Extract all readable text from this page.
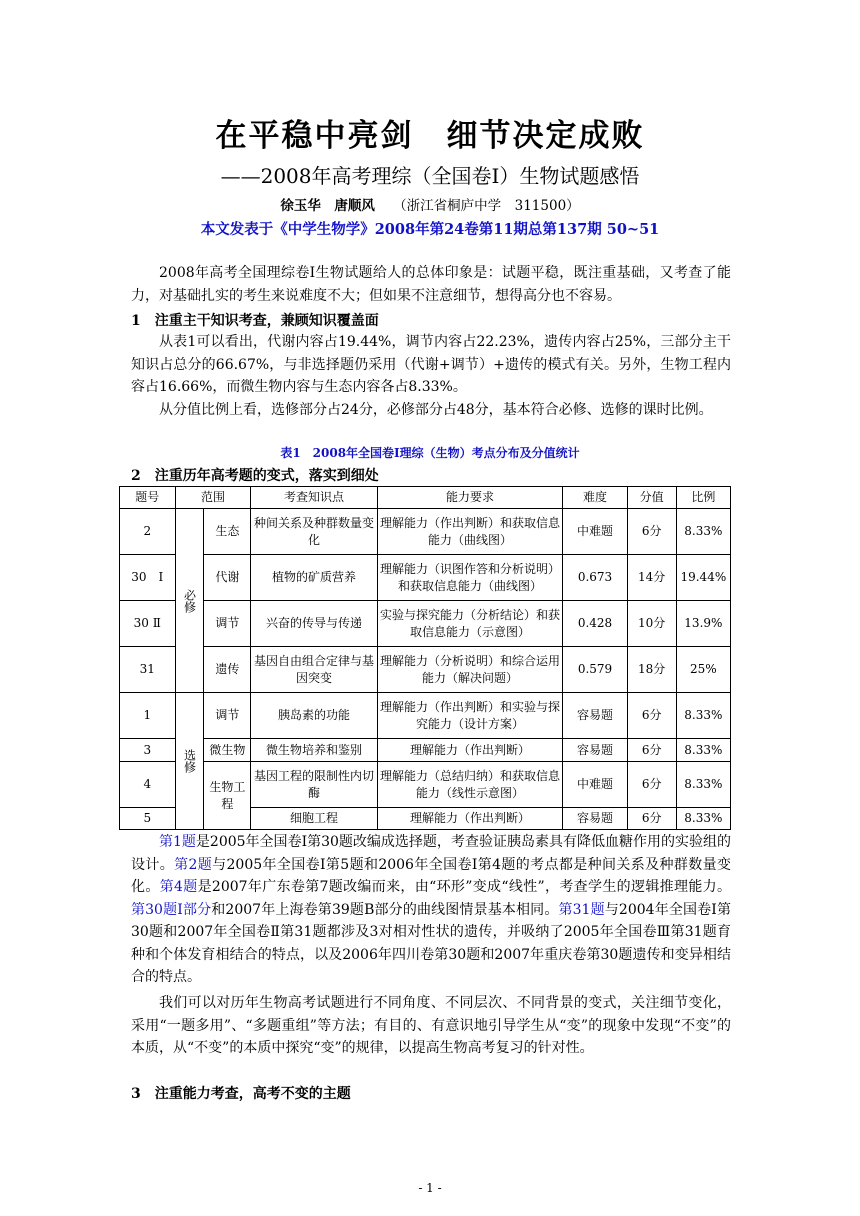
在平稳中亮剑　细节决定成败
——2008年高考理综（全国卷I）生物试题感悟
徐玉华　唐顺风 （浙江省桐庐中学　311500）
本文发表于《中学生物学》2008年第24卷第11期总第137期 50~51
2008年高考全国理综卷I生物试题给人的总体印象是：试题平稳，既注重基础，又考查了能力，对基础扎实的考生来说难度不大；但如果不注意细节，想得高分也不容易。
1　注重主干知识考查，兼顾知识覆盖面
从表1可以看出，代谢内容占19.44%，调节内容占22.23%，遗传内容占25%，三部分主干知识占总分的66.67%，与非选择题仍采用（代谢+调节）+遗传的模式有关。另外，生物工程内容占16.66%，而微生物内容与生态内容各占8.33%。
从分值比例上看，选修部分占24分，必修部分占48分，基本符合必修、选修的课时比例。
表1　2008年全国卷I理综（生物）考点分布及分值统计
2　注重历年高考题的变式，落实到细处
题号	范围		考查知识点	能力要求	难度	分值	比例
2	必修	生态	种间关系及种群数量变化	理解能力（作出判断）和获取信息能力（曲线图）	中难题	6分	8.33%
30　I		代谢	植物的矿质营养	理解能力（识图作答和分析说明）和获取信息能力（曲线图）	0.673	14分	19.44%
30 Ⅱ		调节	兴奋的传导与传递	实验与探究能力（分析结论）和获取信息能力（示意图）	0.428	10分	13.9%
31		遗传	基因自由组合定律与基因突变	理解能力（分析说明）和综合运用能力（解决问题）	0.579	18分	25%
1	选修	调节	胰岛素的功能	理解能力（作出判断）和实验与探究能力（设计方案）	容易题	6分	8.33%
3		微生物	微生物培养和鉴别	理解能力（作出判断）	容易题	6分	8.33%
4		生物工程	基因工程的限制性内切酶	理解能力（总结归纳）和获取信息能力（线性示意图）	中难题	6分	8.33%
5			细胞工程	理解能力（作出判断）	容易题	6分	8.33%
第1题是2005年全国卷I第30题改编成选择题，考查验证胰岛素具有降低血糖作用的实验组的设计。第2题与2005年全国卷I第5题和2006年全国卷I第4题的考点都是种间关系及种群数量变化。第4题是2007年广东卷第7题改编而来，由“环形”变成“线性”，考查学生的逻辑推理能力。第30题I部分和2007年上海卷第39题B部分的曲线图情景基本相同。第31题与2004年全国卷I第30题和2007年全国卷Ⅱ第31题都涉及3对相对性状的遗传，并吸纳了2005年全国卷Ⅲ第31题育种和个体发育相结合的特点，以及2006年四川卷第30题和2007年重庆卷第30题遗传和变异相结合的特点。
我们可以对历年生物高考试题进行不同角度、不同层次、不同背景的变式，关注细节变化，采用“一题多用”、“多题重组”等方法；有目的、有意识地引导学生从“变”的现象中发现“不变”的本质，从“不变”的本质中探究“变”的规律，以提高生物高考复习的针对性。
3　注重能力考查，高考不变的主题
- 1 -
